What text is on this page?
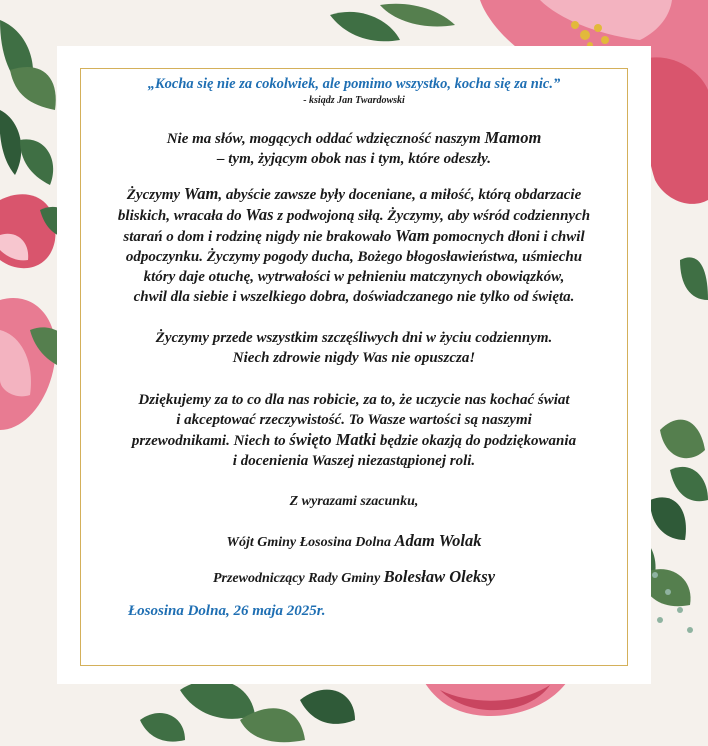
„Kocha się nie za cokolwiek, ale pomimo wszystko, kocha się za nic.”
- ksiądz Jan Twardowski

Nie ma słów, mogących oddać wdzięczność naszym Mamom

– tym, żyjącym obok nas i tym, które odeszły.

Życzymy Wam, abyście zawsze były doceniane, a miłość, którą obdarzacie

bliskich, wracała do Was z podwojoną siłą. Życzymy, aby wśród codziennych

starań o dom i rodzinę nigdy nie brakowało Wam pomocnych dłoni i chwil

odpoczynku. Życzymy pogody ducha, Bożego błogosławieństwa, uśmiechu

który daje otuchę, wytrwałości w pełnieniu matczynych obowiązków,

chwil dla siebie i wszelkiego dobra, doświadczanego nie tylko od święta.

Życzymy przede wszystkim szczęśliwych dni w życiu codziennym.

Niech zdrowie nigdy Was nie opuszcza!

Dziękujemy za to co dla nas robicie, za to, że uczycie nas kochać świat

i akceptować rzeczywistość. To Wasze wartości są naszymi

przewodnikami. Niech to święto Matki będzie okazją do podziękowania

i docenienia Waszej niezastąpionej roli.

Z wyrazami szacunku,
Wójt Gminy Łososina Dolna Adam Wolak
Przewodniczący Rady Gminy Bolesław Oleksy
Łososina Dolna, 26 maja 2025r.
